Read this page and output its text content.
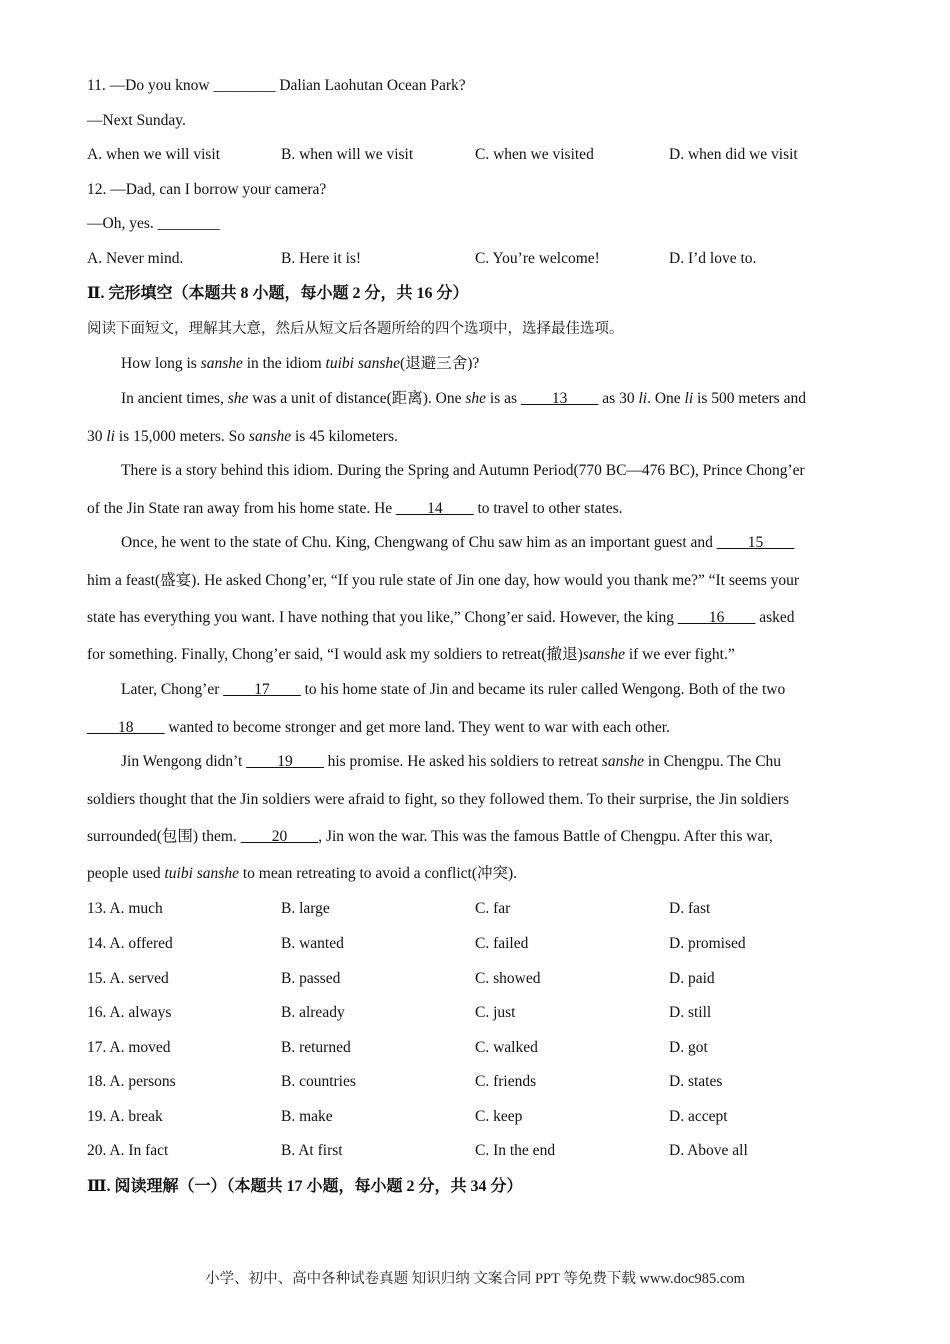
11. —Do you know ________ Dalian Laohutan Ocean Park?
—Next Sunday.
A. when we will visit	B. when will we visit	C. when we visited	D. when did we visit
12. —Dad, can I borrow your camera?
—Oh, yes. ________
A. Never mind.	B. Here it is!	C. You’re welcome!	D. I’d love to.
Ⅱ. 完形填空（本题共 8 小题，每小题 2 分，共 16 分）
阅读下面短文，理解其大意，然后从短文后各题所给的四个选项中，选择最佳选项。
How long is sanshe in the idiom tuibi sanshe(退避三舍)?
In ancient times, she was a unit of distance(距离). One she is as ____13____ as 30 li. One li is 500 meters and
30 li is 15,000 meters. So sanshe is 45 kilometers.
There is a story behind this idiom. During the Spring and Autumn Period(770 BC—476 BC), Prince Chong’er
of the Jin State ran away from his home state. He ____14____ to travel to other states.
Once, he went to the state of Chu. King, Chengwang of Chu saw him as an important guest and ____15____
him a feast(盛宴). He asked Chong’er, “If you rule state of Jin one day, how would you thank me?” “It seems your
state has everything you want. I have nothing that you like,” Chong’er said. However, the king ____16____ asked
for something. Finally, Chong’er said, “I would ask my soldiers to retreat(撤退)sanshe if we ever fight.”
Later, Chong’er ____17____ to his home state of Jin and became its ruler called Wengong. Both of the two
____18____ wanted to become stronger and get more land. They went to war with each other.
Jin Wengong didn’t ____19____ his promise. He asked his soldiers to retreat sanshe in Chengpu. The Chu
soldiers thought that the Jin soldiers were afraid to fight, so they followed them. To their surprise, the Jin soldiers
surrounded(包围) them. ____20____, Jin won the war. This was the famous Battle of Chengpu. After this war,
people used tuibi sanshe to mean retreating to avoid a conflict(冲突).
13. A. much	B. large	C. far	D. fast
14. A. offered	B. wanted	C. failed	D. promised
15. A. served	B. passed	C. showed	D. paid
16. A. always	B. already	C. just	D. still
17. A. moved	B. returned	C. walked	D. got
18. A. persons	B. countries	C. friends	D. states
19. A. break	B. make	C. keep	D. accept
20. A. In fact	B. At first	C. In the end	D. Above all
Ⅲ. 阅读理解（一）（本题共 17 小题，每小题 2 分，共 34 分）
小学、初中、高中各种试卷真题 知识归纳 文案合同 PPT 等免费下载 www.doc985.com
